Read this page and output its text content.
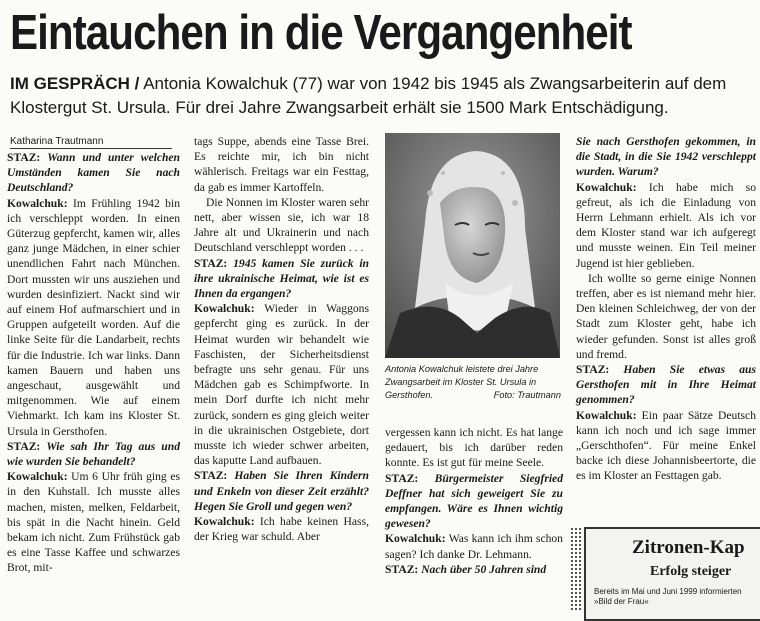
Eintauchen in die Vergangenheit
IM GESPRÄCH / Antonia Kowalchuk (77) war von 1942 bis 1945 als Zwangsarbeiterin auf dem Klostergut St. Ursula. Für drei Jahre Zwangsarbeit erhält sie 1500 Mark Entschädigung.
Katharina Trautmann

STAZ: Wann und unter welchen Umständen kamen Sie nach Deutschland?

Kowalchuk: Im Frühling 1942 bin ich verschleppt worden. In einen Güterzug gepfercht, kamen wir, alles ganz junge Mädchen, in einer schier unendlichen Fahrt nach München. Dort mussten wir uns ausziehen und wurden desinfiziert. Nackt sind wir auf einem Hof aufmarschiert und in Gruppen aufgeteilt worden. Auf die linke Seite für die Landarbeit, rechts für die Industrie. Ich war links. Dann kamen Bauern und haben uns angeschaut, ausgewählt und mitgenommen. Wie auf einem Viehmarkt. Ich kam ins Kloster St. Ursula in Gersthofen.

STAZ: Wie sah Ihr Tag aus und wie wurden Sie behandelt?

Kowalchuk: Um 6 Uhr früh ging es in den Kuhstall. Ich musste alles machen, misten, melken, Feldarbeit, bis spät in die Nacht hinein. Geld bekam ich nicht. Zum Frühstück gab es eine Tasse Kaffee und schwarzes Brot, mit-

tags Suppe, abends eine Tasse Brei. Es reichte mir, ich bin nicht wählerisch. Freitags war ein Festtag, da gab es immer Kartoffeln.

Die Nonnen im Kloster waren sehr nett, aber wissen sie, ich war 18 Jahre alt und Ukrainerin und nach Deutschland verschleppt worden . . .

STAZ: 1945 kamen Sie zurück in ihre ukrainische Heimat, wie ist es Ihnen da ergangen?

Kowalchuk: Wieder in Waggons gepfercht ging es zurück. In der Heimat wurden wir behandelt wie Faschisten, der Sicherheitsdienst befragte uns sehr genau. Für uns Mädchen gab es Schimpfworte. In mein Dorf durfte ich nicht mehr zurück, sondern es ging gleich weiter in die ukrainischen Ostgebiete, dort musste ich wieder schwer arbeiten, das kaputte Land aufbauen.

STAZ: Haben Sie Ihren Kindern und Enkeln von dieser Zeit erzählt? Hegen Sie Groll und gegen wen?

Kowalchuk: Ich habe keinen Hass, der Krieg war schuld. Aber

Antonia Kowalchuk leistete drei Jahre Zwangsarbeit im Kloster St. Ursula in Gersthofen.	Foto: Trautmann

vergessen kann ich nicht. Es hat lange gedauert, bis ich darüber reden konnte. Es ist gut für meine Seele.

STAZ: Bürgermeister Siegfried Deffner hat sich geweigert Sie zu empfangen. Wäre es Ihnen wichtig gewesen?

Kowalchuk: Was kann ich ihm schon sagen? Ich danke Dr. Lehmann.

STAZ: Nach über 50 Jahren sind

Sie nach Gersthofen gekommen, in die Stadt, in die Sie 1942 verschleppt wurden. Warum?

Kowalchuk: Ich habe mich so gefreut, als ich die Einladung von Herrn Lehmann erhielt. Als ich vor dem Kloster stand war ich aufgeregt und musste weinen. Ein Teil meiner Jugend ist hier geblieben.

Ich wollte so gerne einige Nonnen treffen, aber es ist niemand mehr hier. Den kleinen Schleichweg, der von der Stadt zum Kloster geht, habe ich wieder gefunden. Sonst ist alles groß und fremd.

STAZ: Haben Sie etwas aus Gersthofen mit in Ihre Heimat genommen?

Kowalchuk: Ein paar Sätze Deutsch kann ich noch und ich sage immer „Gerschthofen“. Für meine Enkel backe ich diese Johannisbeertorte, die es im Kloster an Festtagen gab.

Zitronen-Kap
Erfolg steiger
Bereits im Mai und Juni 1999 informierten »Bild der Frau«
